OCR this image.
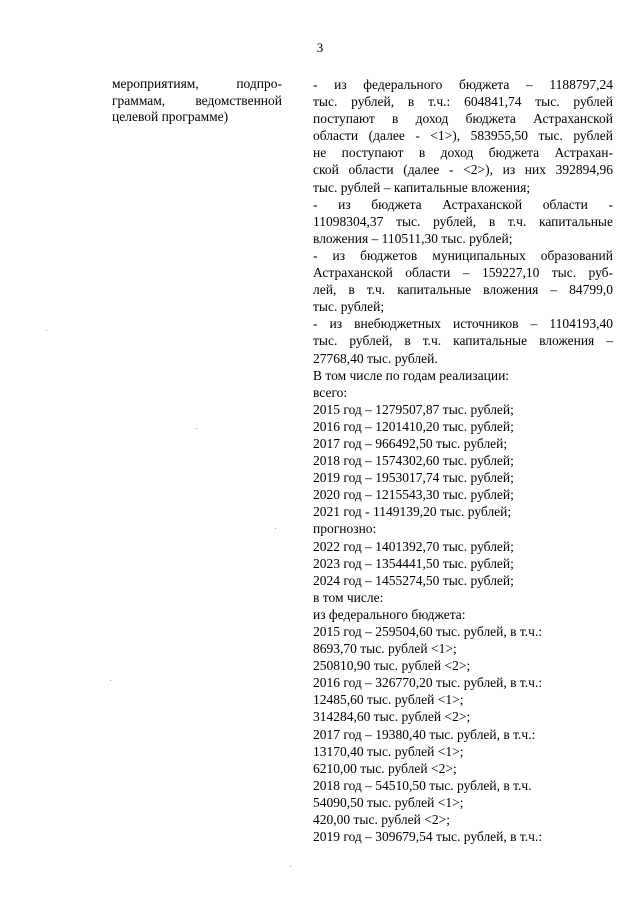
3
мероприятиям, подпро-
граммам, ведомственной
целевой программе)
- из федерального бюджета – 1188797,24
тыс. рублей, в т.ч.: 604841,74 тыс. рублей
поступают в доход бюджета Астраханской
области (далее - <1>), 583955,50 тыс. рублей
не поступают в доход бюджета Астрахан-
ской области (далее - <2>), из них 392894,96
тыс. рублей – капитальные вложения;
- из бюджета Астраханской области -
11098304,37 тыс. рублей, в т.ч. капитальные
вложения – 110511,30 тыс. рублей;
- из бюджетов муниципальных образований
Астраханской области – 159227,10 тыс. руб-
лей, в т.ч. капитальные вложения – 84799,0
тыс. рублей;
- из внебюджетных источников – 1104193,40
тыс. рублей, в т.ч. капитальные вложения –
27768,40 тыс. рублей.
В том числе по годам реализации:
всего:
2015 год – 1279507,87 тыс. рублей;
2016 год – 1201410,20 тыс. рублей;
2017 год – 966492,50 тыс. рублей;
2018 год – 1574302,60 тыс. рублей;
2019 год – 1953017,74 тыс. рублей;
2020 год – 1215543,30 тыс. рублей;
2021 год - 1149139,20 тыс. рублей;
прогнозно:
2022 год – 1401392,70 тыс. рублей;
2023 год – 1354441,50 тыс. рублей;
2024 год – 1455274,50 тыс. рублей;
в том числе:
из федерального бюджета:
2015 год – 259504,60 тыс. рублей, в т.ч.:
8693,70 тыс. рублей <1>;
250810,90 тыс. рублей <2>;
2016 год – 326770,20 тыс. рублей, в т.ч.:
12485,60 тыс. рублей <1>;
314284,60 тыс. рублей <2>;
2017 год – 19380,40 тыс. рублей, в т.ч.:
13170,40 тыс. рублей <1>;
6210,00 тыс. рублей <2>;
2018 год – 54510,50 тыс. рублей, в т.ч.
54090,50 тыс. рублей <1>;
420,00 тыс. рублей <2>;
2019 год – 309679,54 тыс. рублей, в т.ч.:
